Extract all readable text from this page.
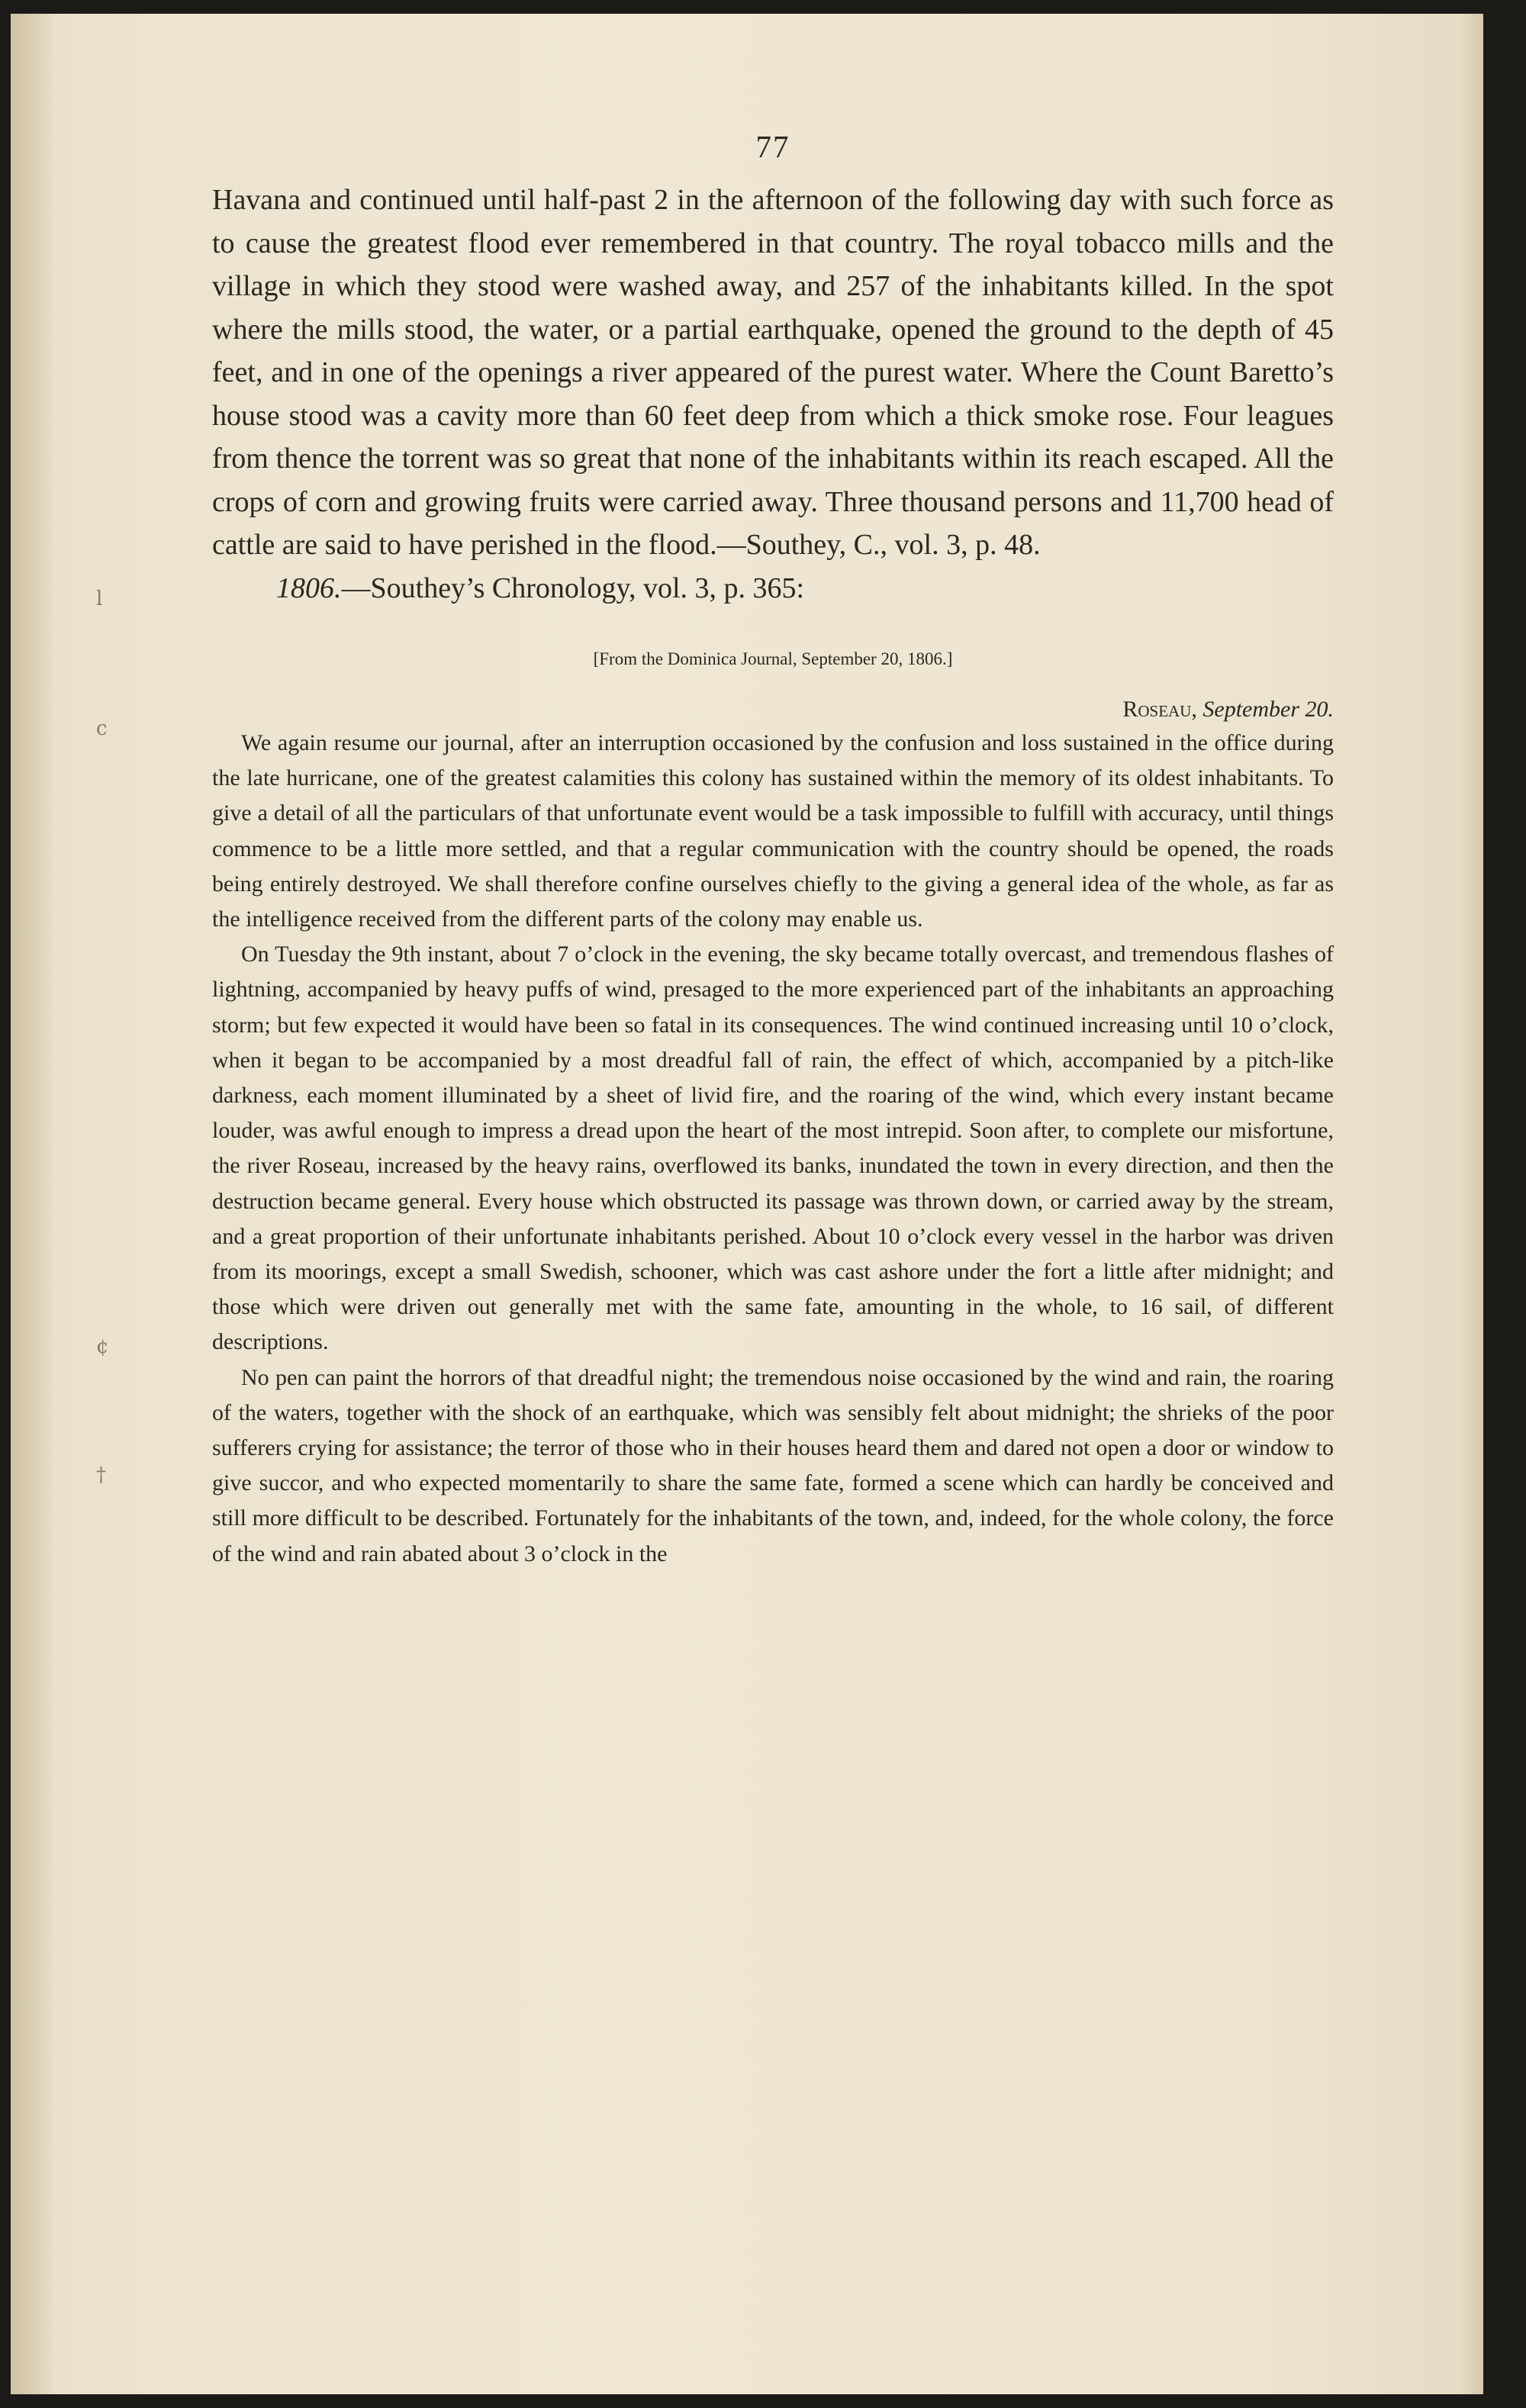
l
c
¢
†
77
Havana and continued until half-past 2 in the afternoon of the following day with such force as to cause the greatest flood ever remembered in that country. The royal tobacco mills and the village in which they stood were washed away, and 257 of the inhabitants killed. In the spot where the mills stood, the water, or a partial earthquake, opened the ground to the depth of 45 feet, and in one of the openings a river appeared of the purest water. Where the Count Baretto’s house stood was a cavity more than 60 feet deep from which a thick smoke rose. Four leagues from thence the torrent was so great that none of the inhabitants within its reach escaped. All the crops of corn and growing fruits were carried away. Three thousand persons and 11,700 head of cattle are said to have perished in the flood.—Southey, C., vol. 3, p. 48.
1806.—Southey’s Chronology, vol. 3, p. 365:
[From the Dominica Journal, September 20, 1806.]
Roseau, September 20.

We again resume our journal, after an interruption occasioned by the confusion and loss sustained in the office during the late hurricane, one of the greatest calamities this colony has sustained within the memory of its oldest inhabitants. To give a detail of all the particulars of that unfortunate event would be a task impossible to fulfill with accuracy, until things commence to be a little more settled, and that a regular communication with the country should be opened, the roads being entirely destroyed. We shall therefore confine ourselves chiefly to the giving a general idea of the whole, as far as the intelligence received from the different parts of the colony may enable us.

On Tuesday the 9th instant, about 7 o’clock in the evening, the sky became totally overcast, and tremendous flashes of lightning, accompanied by heavy puffs of wind, presaged to the more experienced part of the inhabitants an approaching storm; but few expected it would have been so fatal in its consequences. The wind continued increasing until 10 o’clock, when it began to be accompanied by a most dreadful fall of rain, the effect of which, accompanied by a pitch-like darkness, each moment illuminated by a sheet of livid fire, and the roaring of the wind, which every instant became louder, was awful enough to impress a dread upon the heart of the most intrepid. Soon after, to complete our misfortune, the river Roseau, increased by the heavy rains, overflowed its banks, inundated the town in every direction, and then the destruction became general. Every house which obstructed its passage was thrown down, or carried away by the stream, and a great proportion of their unfortunate inhabitants perished. About 10 o’clock every vessel in the harbor was driven from its moorings, except a small Swedish, schooner, which was cast ashore under the fort a little after midnight; and those which were driven out generally met with the same fate, amounting in the whole, to 16 sail, of different descriptions.

No pen can paint the horrors of that dreadful night; the tremendous noise occasioned by the wind and rain, the roaring of the waters, together with the shock of an earthquake, which was sensibly felt about midnight; the shrieks of the poor sufferers crying for assistance; the terror of those who in their houses heard them and dared not open a door or window to give succor, and who expected momentarily to share the same fate, formed a scene which can hardly be conceived and still more difficult to be described. Fortunately for the inhabitants of the town, and, indeed, for the whole colony, the force of the wind and rain abated about 3 o’clock in the
